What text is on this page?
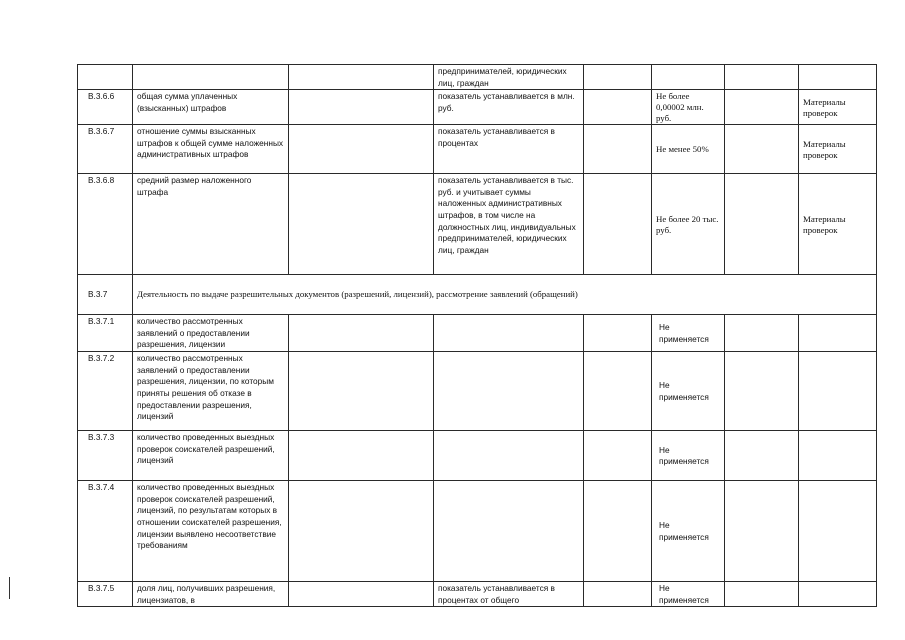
			предпринимателей, юридических лиц, граждан				
В.3.6.6	общая сумма уплаченных (взысканных) штрафов		показатель устанавливается в млн. руб.		Не более 0,00002 млн. руб.		Материалы проверок
В.3.6.7	отношение суммы взысканных штрафов к общей сумме наложенных административных штрафов		показатель устанавливается в процентах		Не менее 50%		Материалы проверок
В.3.6.8	средний размер наложенного штрафа		показатель устанавливается в тыс. руб. и учитывает суммы наложенных административных штрафов, в том числе на должностных лиц, индивидуальных предпринимателей, юридических лиц, граждан		Не более 20 тыс. руб.		Материалы проверок
В.3.7	Деятельность по выдаче разрешительных документов (разрешений, лицензий), рассмотрение заявлений (обращений)						
В.3.7.1	количество рассмотренных заявлений о предоставлении разрешения, лицензии				Не применяется		
В.3.7.2	количество рассмотренных заявлений о предоставлении разрешения, лицензии, по которым приняты решения об отказе в предоставлении разрешения, лицензий				Не применяется		
В.3.7.3	количество проведенных выездных проверок соискателей разрешений, лицензий				Не применяется		
В.3.7.4	количество проведенных выездных проверок соискателей разрешений, лицензий, по результатам которых в отношении соискателей разрешения, лицензии выявлено несоответствие требованиям				Не применяется		
В.3.7.5	доля лиц, получивших разрешения, лицензиатов, в		показатель устанавливается в процентах от общего		Не применяется		
